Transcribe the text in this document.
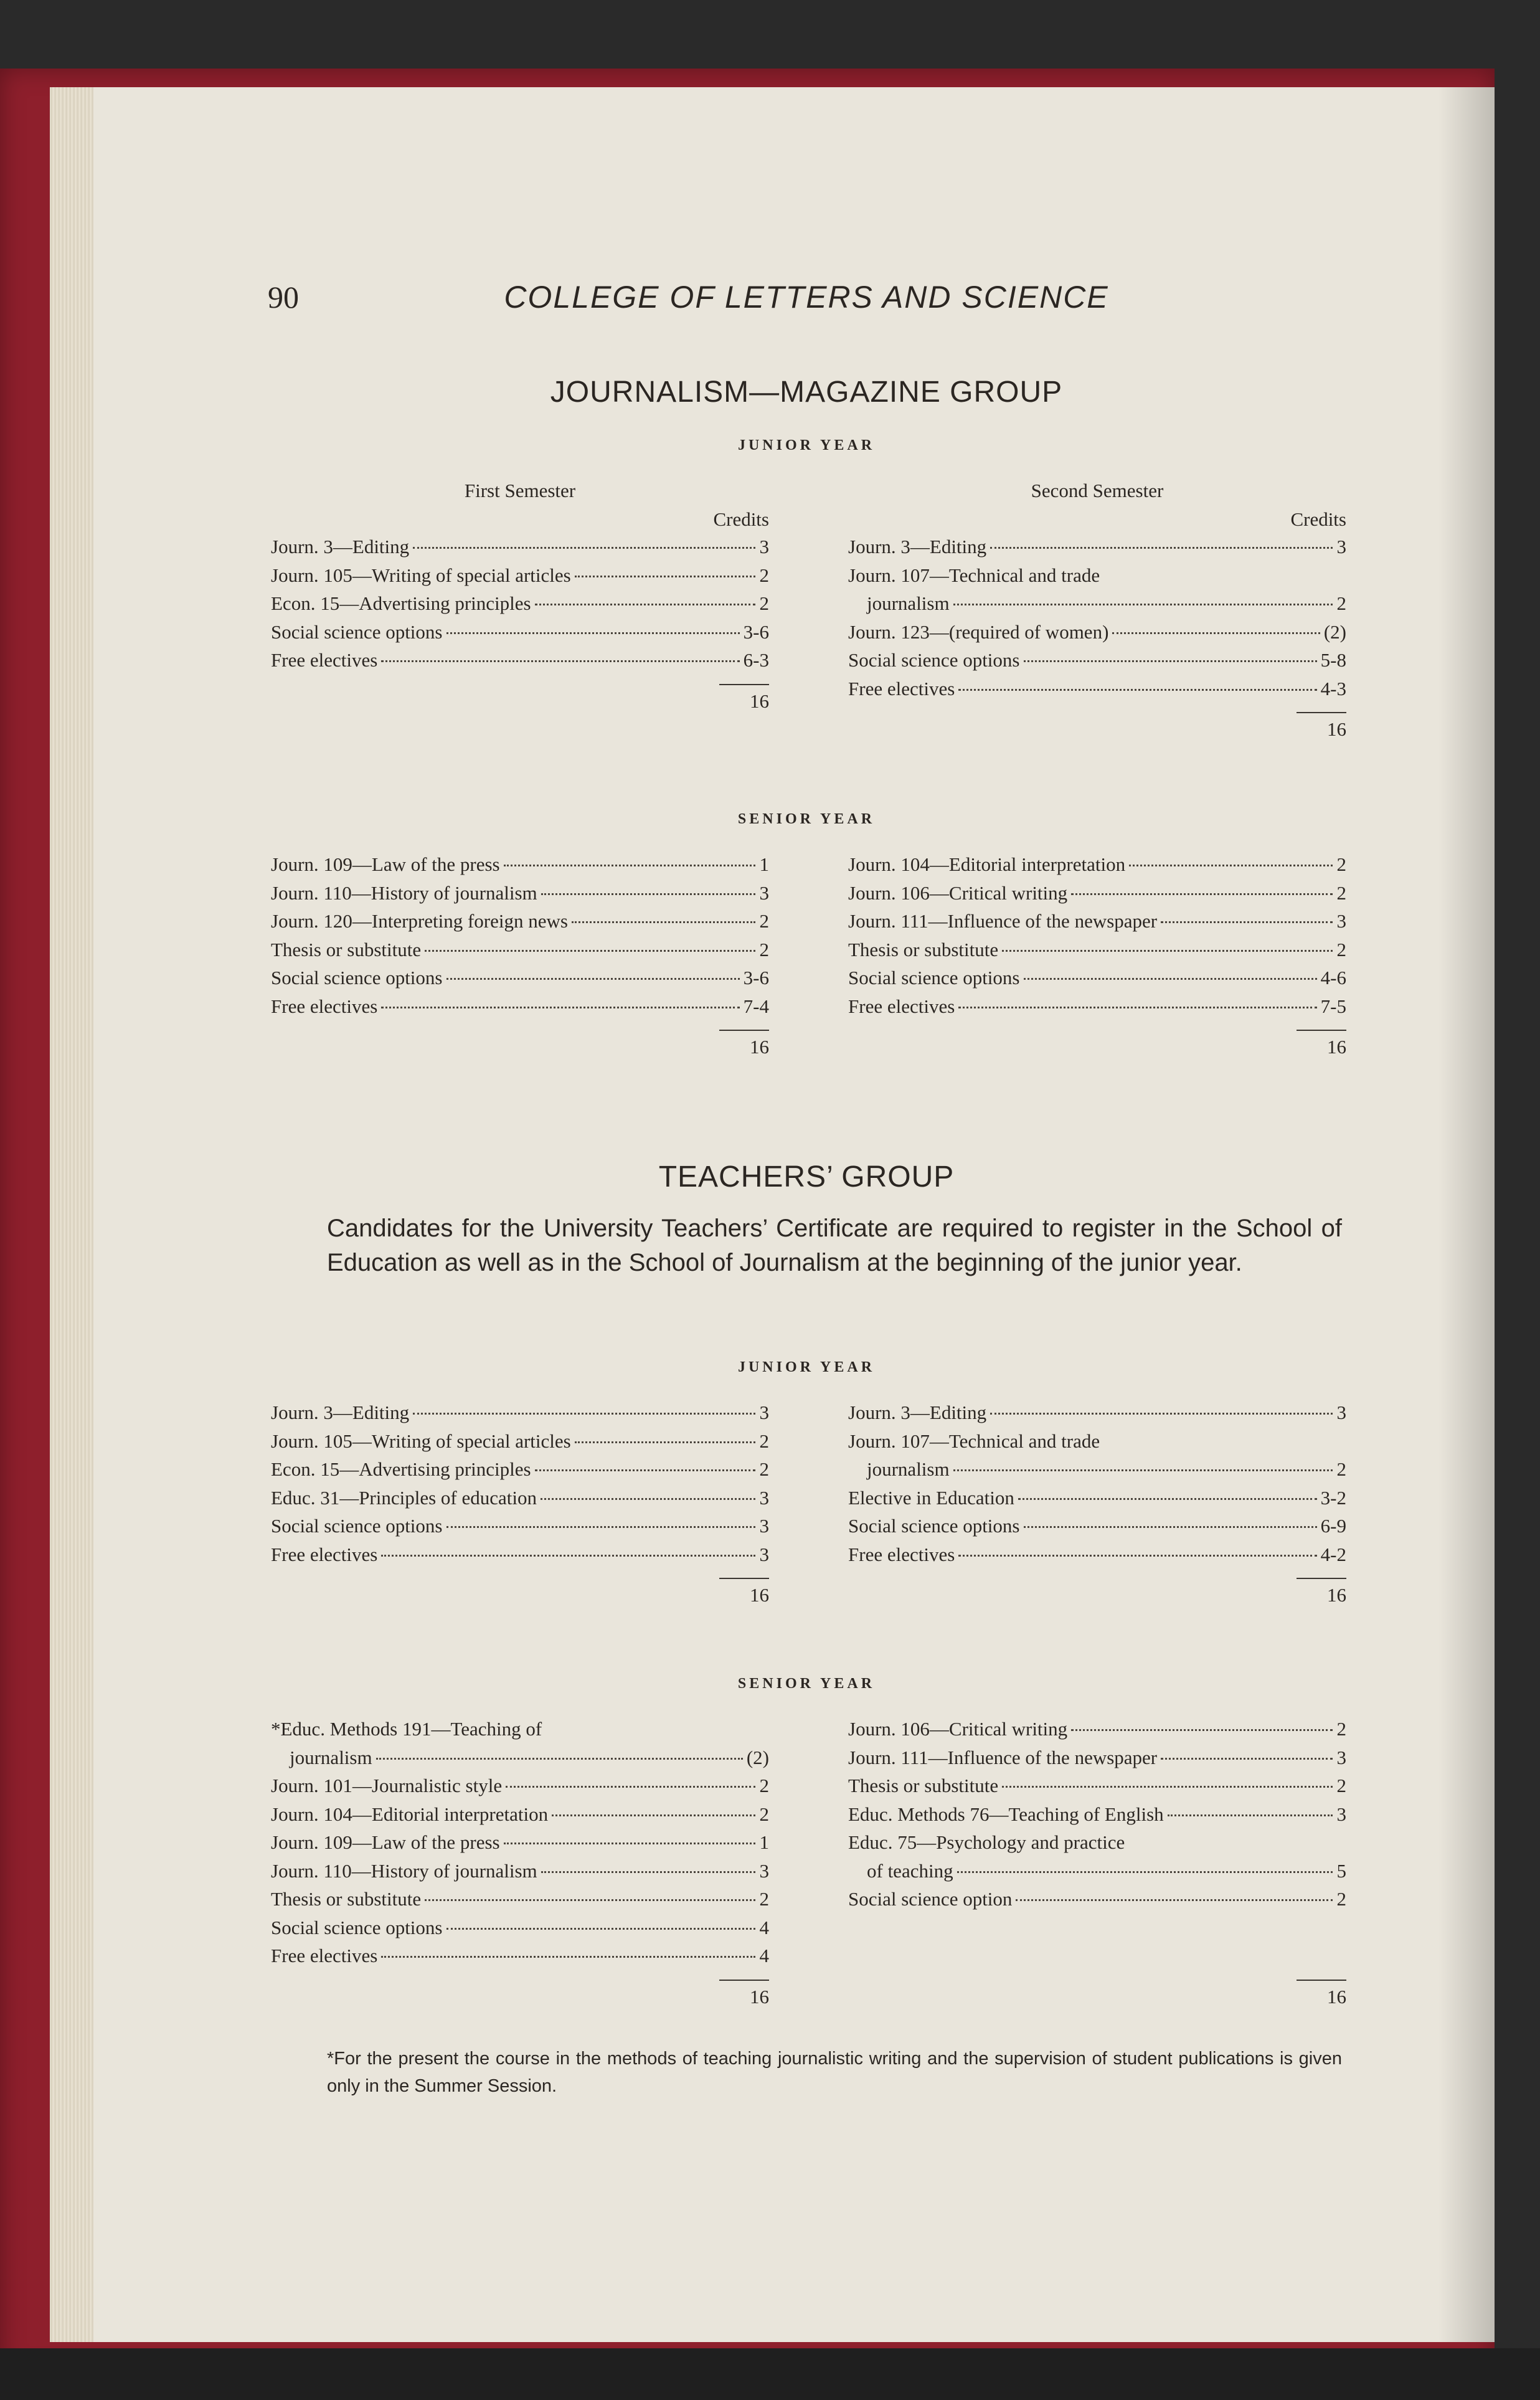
90	COLLEGE OF LETTERS AND SCIENCE
JOURNALISM—MAGAZINE GROUP
JUNIOR YEAR
First Semester
Credits
Journ. 3—Editing	3
Journ. 105—Writing of special articles	2
Econ. 15—Advertising principles	2
Social science options	3-6
Free electives	6-3
16
Second Semester
Credits
Journ. 3—Editing	3
Journ. 107—Technical and trade
journalism	2
Journ. 123—(required of women)	(2)
Social science options	5-8
Free electives	4-3
16
SENIOR YEAR
Journ. 109—Law of the press	1
Journ. 110—History of journalism	3
Journ. 120—Interpreting foreign news	2
Thesis or substitute	2
Social science options	3-6
Free electives	7-4
16
Journ. 104—Editorial interpretation	2
Journ. 106—Critical writing	2
Journ. 111—Influence of the newspaper	3
Thesis or substitute	2
Social science options	4-6
Free electives	7-5
16
TEACHERS’ GROUP
Candidates for the University Teachers’ Certificate are required to register in the School of Education as well as in the School of Journalism at the beginning of the junior year.
JUNIOR YEAR
Journ. 3—Editing	3
Journ. 105—Writing of special articles	2
Econ. 15—Advertising principles	2
Educ. 31—Principles of education	3
Social science options	3
Free electives	3
16
Journ. 3—Editing	3
Journ. 107—Technical and trade
journalism	2
Elective in Education	3-2
Social science options	6-9
Free electives	4-2
16
SENIOR YEAR
*Educ. Methods 191—Teaching of
journalism	(2)
Journ. 101—Journalistic style	2
Journ. 104—Editorial interpretation	2
Journ. 109—Law of the press	1
Journ. 110—History of journalism	3
Thesis or substitute	2
Social science options	4
Free electives	4
16
Journ. 106—Critical writing	2
Journ. 111—Influence of the newspaper	3
Thesis or substitute	2
Educ. Methods 76—Teaching of English	3
Educ. 75—Psychology and practice
of teaching	5
Social science option	2
16
*For the present the course in the methods of teaching journalistic writing and the supervision of student publications is given only in the Summer Session.
